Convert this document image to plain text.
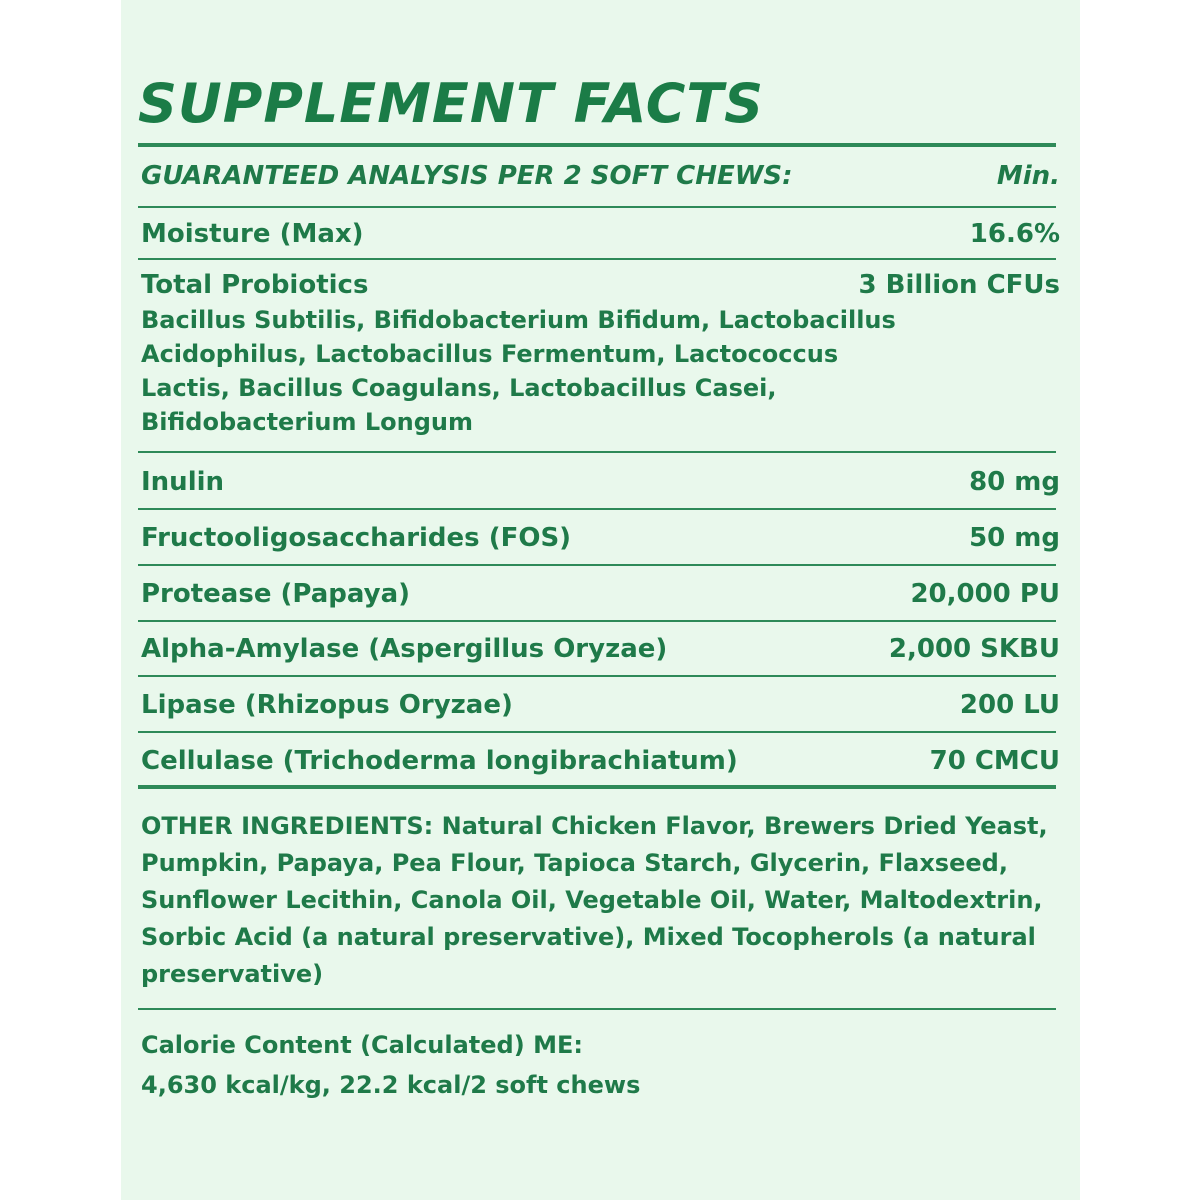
SUPPLEMENT FACTS
GUARANTEED ANALYSIS PER 2 SOFT CHEWS:	Min.
Moisture (Max)	16.6%
Total Probiotics	3 Billion CFUs
Bacillus Subtilis, Bifidobacterium Bifidum, Lactobacillus Acidophilus, Lactobacillus Fermentum, Lactococcus Lactis, Bacillus Coagulans, Lactobacillus Casei, Bifidobacterium Longum
Inulin	80 mg
Fructooligosaccharides (FOS)	50 mg
Protease (Papaya)	20,000 PU
Alpha-Amylase (Aspergillus Oryzae)	2,000 SKBU
Lipase (Rhizopus Oryzae)	200 LU
Cellulase (Trichoderma longibrachiatum)	70 CMCU
OTHER INGREDIENTS: Natural Chicken Flavor, Brewers Dried Yeast, Pumpkin, Papaya, Pea Flour, Tapioca Starch, Glycerin, Flaxseed, Sunflower Lecithin, Canola Oil, Vegetable Oil, Water, Maltodextrin, Sorbic Acid (a natural preservative), Mixed Tocopherols (a natural preservative)
Calorie Content (Calculated) ME:
4,630 kcal/kg, 22.2 kcal/2 soft chews
